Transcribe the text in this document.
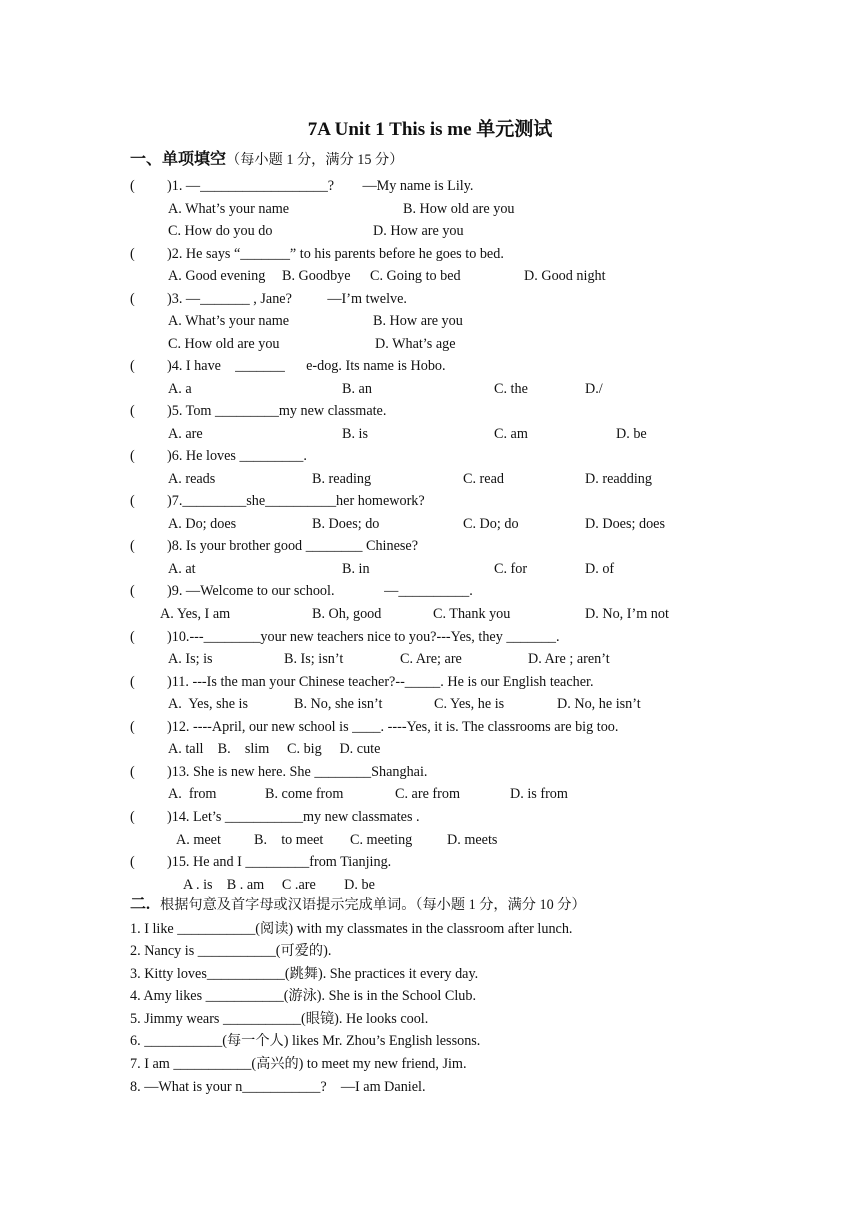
7A Unit 1 This is me 单元测试
一、单项填空（每小题 1 分，满分 15 分）
( )1. —__________________?        —My name is Lily.
A. What’s your name	B. How old are you
C. How do you do	D. How are you
( )2. He says “_______” to his parents before he goes to bed.
A. Good evening B. Goodbye C. Going to bed	D. Good night
( )3. —_______ , Jane?          —I’m twelve.
A. What’s your name	B. How are you
C. How old are you	D. What’s age
( )4. I have    _______      e-dog. Its name is Hobo.
A. a	B. an	C. the	D./
( )5. Tom _________my new classmate.
A. are	B. is	C. am	D. be
( )6. He loves _________.
A. reads	B. reading	C. read	D. readding
( )7._________she__________her homework?
A. Do; does	B. Does; do	C. Do; do	D. Does; does
( )8. Is your brother good ________ Chinese?
A. at	B. in	C. for	D. of
( )9. —Welcome to our school.              —__________.
A. Yes, I am	B. Oh, good	C. Thank you	D. No, I’m not
( )10.---________your new teachers nice to you?---Yes, they _______.
A. Is; is	B. Is; isn’t	C. Are; are	D. Are ; aren’t
( )11. ---Is the man your Chinese teacher?--_____. He is our English teacher.
A.  Yes, she is	B. No, she isn’t	C. Yes, he is	D. No, he isn’t
( )12. ----April, our new school is ____. ----Yes, it is. The classrooms are big too.
A. tall    B.    slim     C. big     D. cute
( )13. She is new here. She ________Shanghai.
A.  from	B. come from	C. are from	D. is from
( )14. Let’s ___________my new classmates .
A. meet B.    to meet C. meeting D. meets
( )15. He and I _________from Tianjing.
A . is    B . am     C .are        D. be
二. 根据句意及首字母或汉语提示完成单词。（每小题 1 分，满分 10 分）
1. I like ___________(阅读) with my classmates in the classroom after lunch.
2. Nancy is ___________(可爱的).
3. Kitty loves___________(跳舞). She practices it every day.
4. Amy likes ___________(游泳). She is in the School Club.
5. Jimmy wears ___________(眼镜). He looks cool.
6. ___________(每一个人) likes Mr. Zhou’s English lessons.
7. I am ___________(高兴的) to meet my new friend, Jim.
8. —What is your n___________?    —I am Daniel.
